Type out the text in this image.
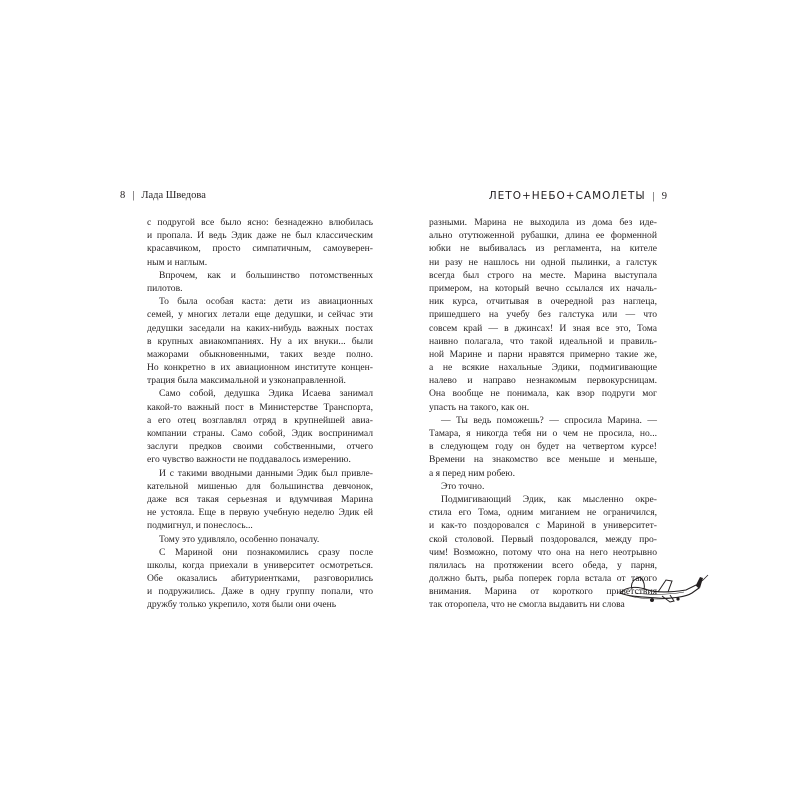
8 | Лада Шведова
с подругой все было ясно: безнадежно влюбилась
и пропала. И ведь Эдик даже не был классическим
красавчиком, просто симпатичным, самоуверен-
ным и наглым.
Впрочем, как и большинство потомственных
пилотов.
То была особая каста: дети из авиационных
семей, у многих летали еще дедушки, и сейчас эти
дедушки заседали на каких-нибудь важных постах
в крупных авиакомпаниях. Ну а их внуки... были
мажорами обыкновенными, таких везде полно.
Но конкретно в их авиационном институте концен-
трация была максимальной и узконаправленной.
Само собой, дедушка Эдика Исаева занимал
какой-то важный пост в Министерстве Транспорта,
а его отец возглавлял отряд в крупнейшей авиа-
компании страны. Само собой, Эдик воспринимал
заслуги предков своими собственными, отчего
его чувство важности не поддавалось измерению.
И с такими вводными данными Эдик был привле-
кательной мишенью для большинства девчонок,
даже вся такая серьезная и вдумчивая Марина
не устояла. Еще в первую учебную неделю Эдик ей
подмигнул, и понеслось...
Тому это удивляло, особенно поначалу.
С Мариной они познакомились сразу после
школы, когда приехали в университет осмотреться.
Обе оказались абитуриентками, разговорились
и подружились. Даже в одну группу попали, что
дружбу только укрепило, хотя были они очень
ЛЕТО+НЕБО+САМОЛЕТЫ | 9
разными. Марина не выходила из дома без иде-
ально отутюженной рубашки, длина ее форменной
юбки не выбивалась из регламента, на кителе
ни разу не нашлось ни одной пылинки, а галстук
всегда был строго на месте. Марина выступала
примером, на который вечно ссылался их началь-
ник курса, отчитывая в очередной раз наглеца,
пришедшего на учебу без галстука или — что
совсем край — в джинсах! И зная все это, Тома
наивно полагала, что такой идеальной и правиль-
ной Марине и парни нравятся примерно такие же,
а не всякие нахальные Эдики, подмигивающие
налево и направо незнакомым первокурсницам.
Она вообще не понимала, как взор подруги мог
упасть на такого, как он.
— Ты ведь поможешь? — спросила Марина. —
Тамара, я никогда тебя ни о чем не просила, но...
в следующем году он будет на четвертом курсе!
Времени на знакомство все меньше и меньше,
а я перед ним робею.
Это точно.
Подмигивающий Эдик, как мысленно окре-
стила его Тома, одним миганием не ограничился,
и как-то поздоровался с Мариной в университет-
ской столовой. Первый поздоровался, между про-
чим! Возможно, потому что она на него неотрывно
пялилась на протяжении всего обеда, у парня,
должно быть, рыба поперек горла встала от такого
внимания. Марина от короткого приветствия
так оторопела, что не смогла выдавить ни слова
